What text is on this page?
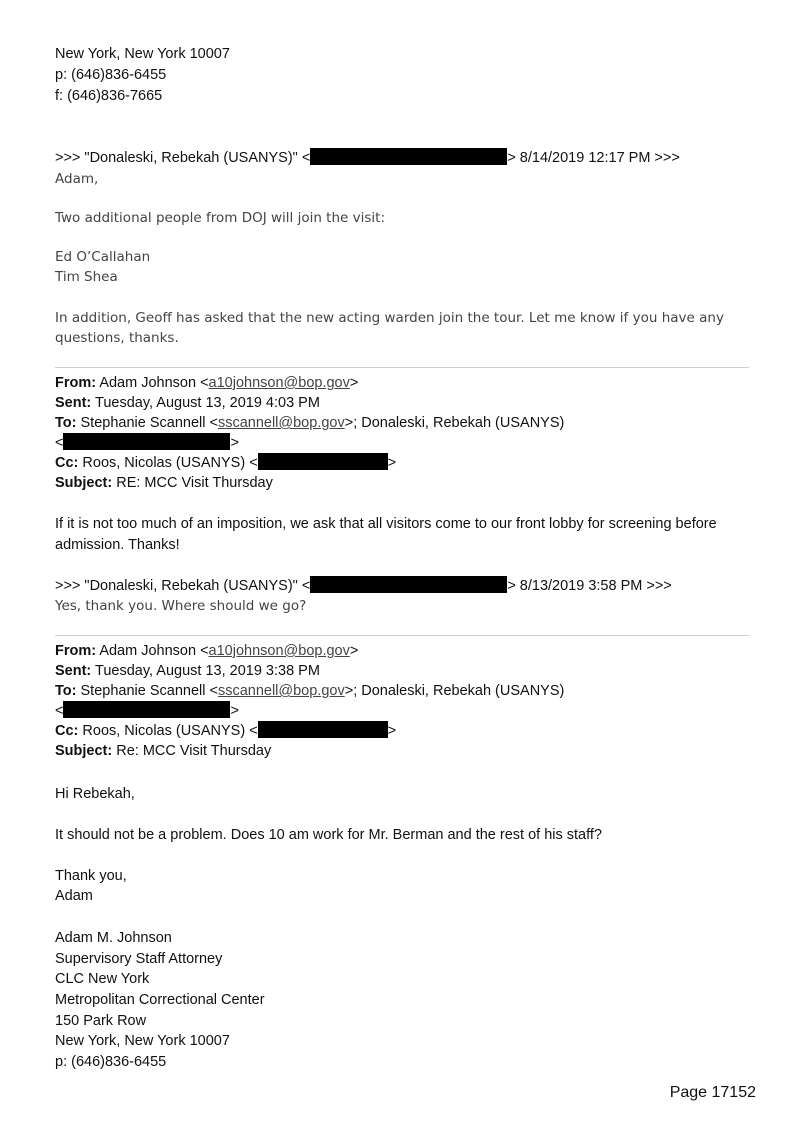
New York, New York 10007
p: (646)836-6455
f: (646)836-7665
>>> "Donaleski, Rebekah (USANYS)" <	> 8/14/2019 12:17 PM >>>
Adam,
Two additional people from DOJ will join the visit:
Ed O’Callahan
Tim Shea
In addition, Geoff has asked that the new acting warden join the tour. Let me know if you have any
questions, thanks.
From: Adam Johnson <a10johnson@bop.gov>
Sent: Tuesday, August 13, 2019 4:03 PM
To: Stephanie Scannell <sscannell@bop.gov>; Donaleski, Rebekah (USANYS)
<	>
Cc: Roos, Nicolas (USANYS) <	>
Subject: RE: MCC Visit Thursday
If it is not too much of an imposition, we ask that all visitors come to our front lobby for screening before
admission. Thanks!
>>> "Donaleski, Rebekah (USANYS)" <	> 8/13/2019 3:58 PM >>>
Yes, thank you. Where should we go?
From: Adam Johnson <a10johnson@bop.gov>
Sent: Tuesday, August 13, 2019 3:38 PM
To: Stephanie Scannell <sscannell@bop.gov>; Donaleski, Rebekah (USANYS)
<	>
Cc: Roos, Nicolas (USANYS) <	>
Subject: Re: MCC Visit Thursday
Hi Rebekah,
It should not be a problem. Does 10 am work for Mr. Berman and the rest of his staff?
Thank you,
Adam
Adam M. Johnson
Supervisory Staff Attorney
CLC New York
Metropolitan Correctional Center
150 Park Row
New York, New York 10007
p: (646)836-6455
Page 17152
